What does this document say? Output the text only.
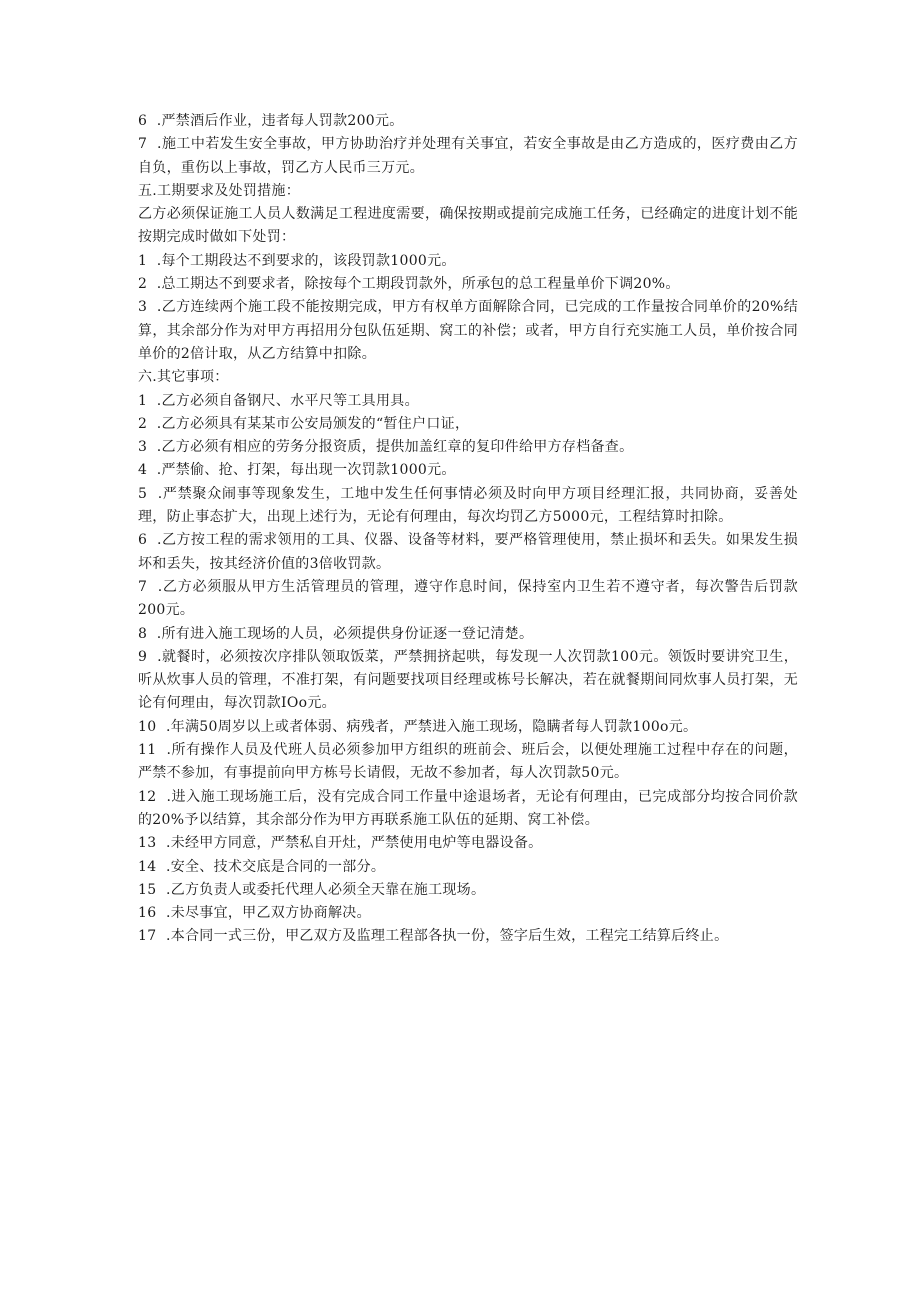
6 .严禁酒后作业，违者每人罚款200元。

7 .施工中若发生安全事故，甲方协助治疗并处理有关事宜，若安全事故是由乙方造成的，医疗费由乙方自负，重伤以上事故，罚乙方人民币三万元。

五.工期要求及处罚措施：

乙方必须保证施工人员人数满足工程进度需要，确保按期或提前完成施工任务，已经确定的进度计划不能按期完成时做如下处罚：

1 .每个工期段达不到要求的，该段罚款1000元。

2 .总工期达不到要求者，除按每个工期段罚款外，所承包的总工程量单价下调20%。

3 .乙方连续两个施工段不能按期完成，甲方有权单方面解除合同，已完成的工作量按合同单价的20%结算，其余部分作为对甲方再招用分包队伍延期、窝工的补偿；或者，甲方自行充实施工人员，单价按合同单价的2倍计取，从乙方结算中扣除。

六.其它事项：

1 .乙方必须自备钢尺、水平尺等工具用具。

2 .乙方必须具有某某市公安局颁发的“暂住户口证，

3 .乙方必须有相应的劳务分报资质，提供加盖红章的复印件给甲方存档备查。

4 .严禁偷、抢、打架，每出现一次罚款1000元。

5 .严禁聚众闹事等现象发生，工地中发生任何事情必须及时向甲方项目经理汇报，共同协商，妥善处理，防止事态扩大，出现上述行为，无论有何理由，每次均罚乙方5000元，工程结算时扣除。

6 .乙方按工程的需求领用的工具、仪器、设备等材料，要严格管理使用，禁止损坏和丢失。如果发生损坏和丢失，按其经济价值的3倍收罚款。

7 .乙方必须服从甲方生活管理员的管理，遵守作息时间，保持室内卫生若不遵守者，每次警告后罚款200元。

8 .所有进入施工现场的人员，必须提供身份证逐一登记清楚。

9 .就餐时，必须按次序排队领取饭菜，严禁拥挤起哄，每发现一人次罚款100元。领饭时要讲究卫生，听从炊事人员的管理，不准打架，有问题要找项目经理或栋号长解决，若在就餐期间同炊事人员打架，无论有何理由，每次罚款IOo元。

10 .年满50周岁以上或者体弱、病残者，严禁进入施工现场，隐瞒者每人罚款100o元。

11 .所有操作人员及代班人员必须参加甲方组织的班前会、班后会，以便处理施工过程中存在的问题，严禁不参加，有事提前向甲方栋号长请假，无故不参加者，每人次罚款50元。

12 .进入施工现场施工后，没有完成合同工作量中途退场者，无论有何理由，已完成部分均按合同价款的20%予以结算，其余部分作为甲方再联系施工队伍的延期、窝工补偿。

13 .未经甲方同意，严禁私自开灶，严禁使用电炉等电器设备。

14 .安全、技术交底是合同的一部分。

15 .乙方负责人或委托代理人必须全天靠在施工现场。

16 .未尽事宜，甲乙双方协商解决。

17 .本合同一式三份，甲乙双方及监理工程部各执一份，签字后生效，工程完工结算后终止。
